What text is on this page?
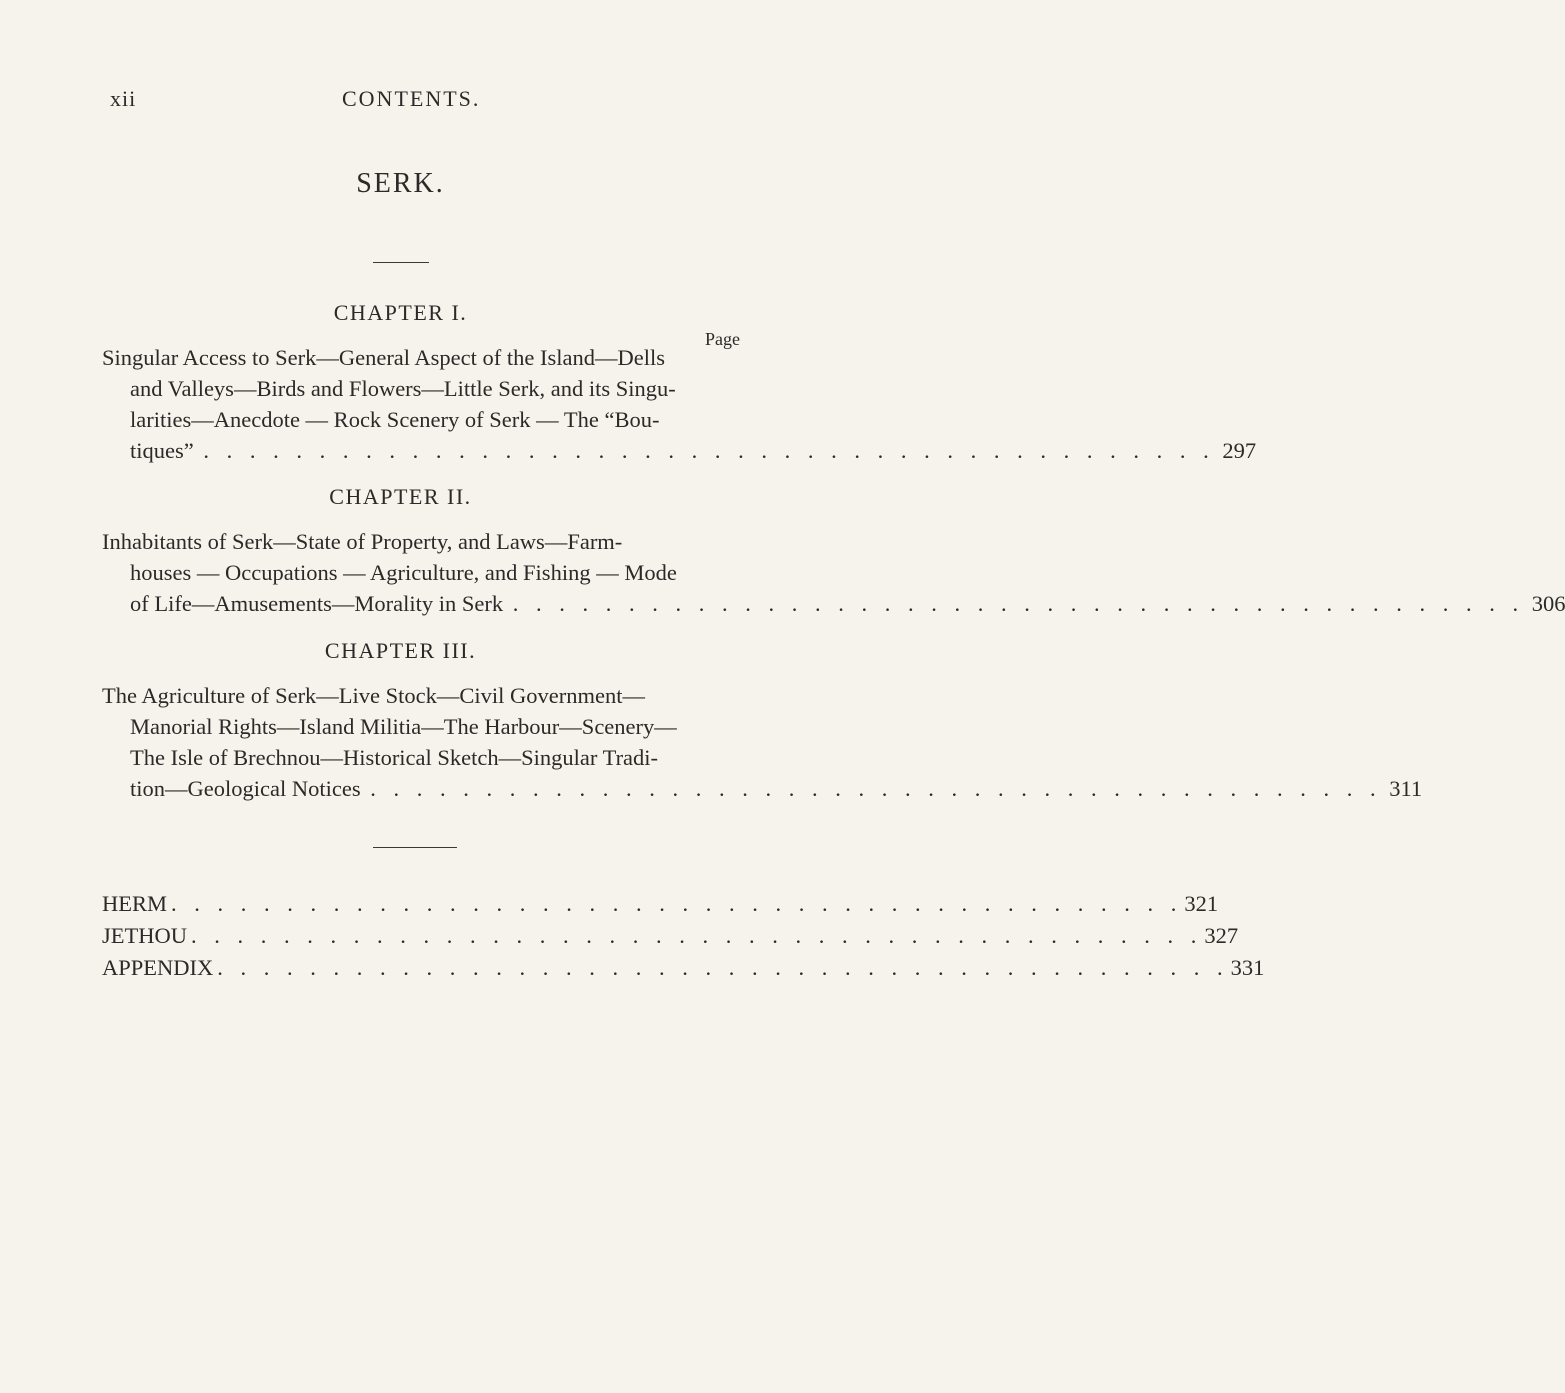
xii	CONTENTS.
SERK.
CHAPTER I.
Page
Singular Access to Serk—General Aspect of the Island—Dells
and Valleys—Birds and Flowers—Little Serk, and its Singu-
larities—Anecdote — Rock Scenery of Serk — The “Bou-
tiques” . . . . . . . . . . . . . . . . . . . . . . . . . . . . . . . . . . . . . . . . . . . . 297
CHAPTER II.
Inhabitants of Serk—State of Property, and Laws—Farm-
houses — Occupations — Agriculture, and Fishing — Mode
of Life—Amusements—Morality in Serk . . . . . . . . . . . . . . . . . . . . . . . . . . . . . . . . . . . . . . . . . . . . 306
CHAPTER III.
The Agriculture of Serk—Live Stock—Civil Government—
Manorial Rights—Island Militia—The Harbour—Scenery—
The Isle of Brechnou—Historical Sketch—Singular Tradi-
tion—Geological Notices . . . . . . . . . . . . . . . . . . . . . . . . . . . . . . . . . . . . . . . . . . . . 311
HERM . . . . . . . . . . . . . . . . . . . . . . . . . . . . . . . . . . . . . . . . . . . . 321
JETHOU . . . . . . . . . . . . . . . . . . . . . . . . . . . . . . . . . . . . . . . . . . . . 327
APPENDIX . . . . . . . . . . . . . . . . . . . . . . . . . . . . . . . . . . . . . . . . . . . . 331
